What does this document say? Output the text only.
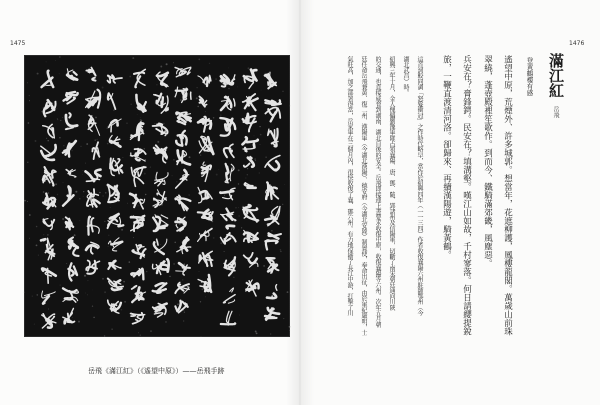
1475
岳飛《滿江紅》（《遙望中原》）——岳飛手跡
1476
滿江紅
岳飛
登黃鶴樓有感
遙望中原，荒煙外、許多城郭。想當年，花遮柳護，鳳樓龍閣。萬歲山前珠
翠繞，蓬壺殿裡笙歌作。到而今、鐵騎滿郊畿，風塵惡。
兵安在？膏鋒鍔。民安在？填溝壑。嘆江山如故，千村寥落。何日請纓提銳
旅，一鞭直渡清河洛。卻歸來、再續漢陽遊，騎黃鶴。
這首詞較同調「怒髮衝冠」之作時代略早，當作於紹興四年（一一三四）作者收復襄陽六州駐師鄂州（今
湖北武昌）時。
紹興三年十月，金人傀儡劉豫軍隊占領襄陽、唐、鄧、隨、郢諸州及信陽軍，切斷了南宋朝廷通向川陝
的交通，也直接威脅到湖南、湖北自後的安全。岳飛即接連上書要求收復中原，收復襄陽等六州。次年五月朝
廷任命岳飛兼黃、復二州、漢陽軍（今湖北漢陽）、德安府（今湖北安陸）制置使，奉命出征，由於軍紀嚴明，士
氣旺高，加之部署得當，岳家軍在三個月內，很快收復了襄、鄧六州。有力地保衛了長江中游，打擊了川
